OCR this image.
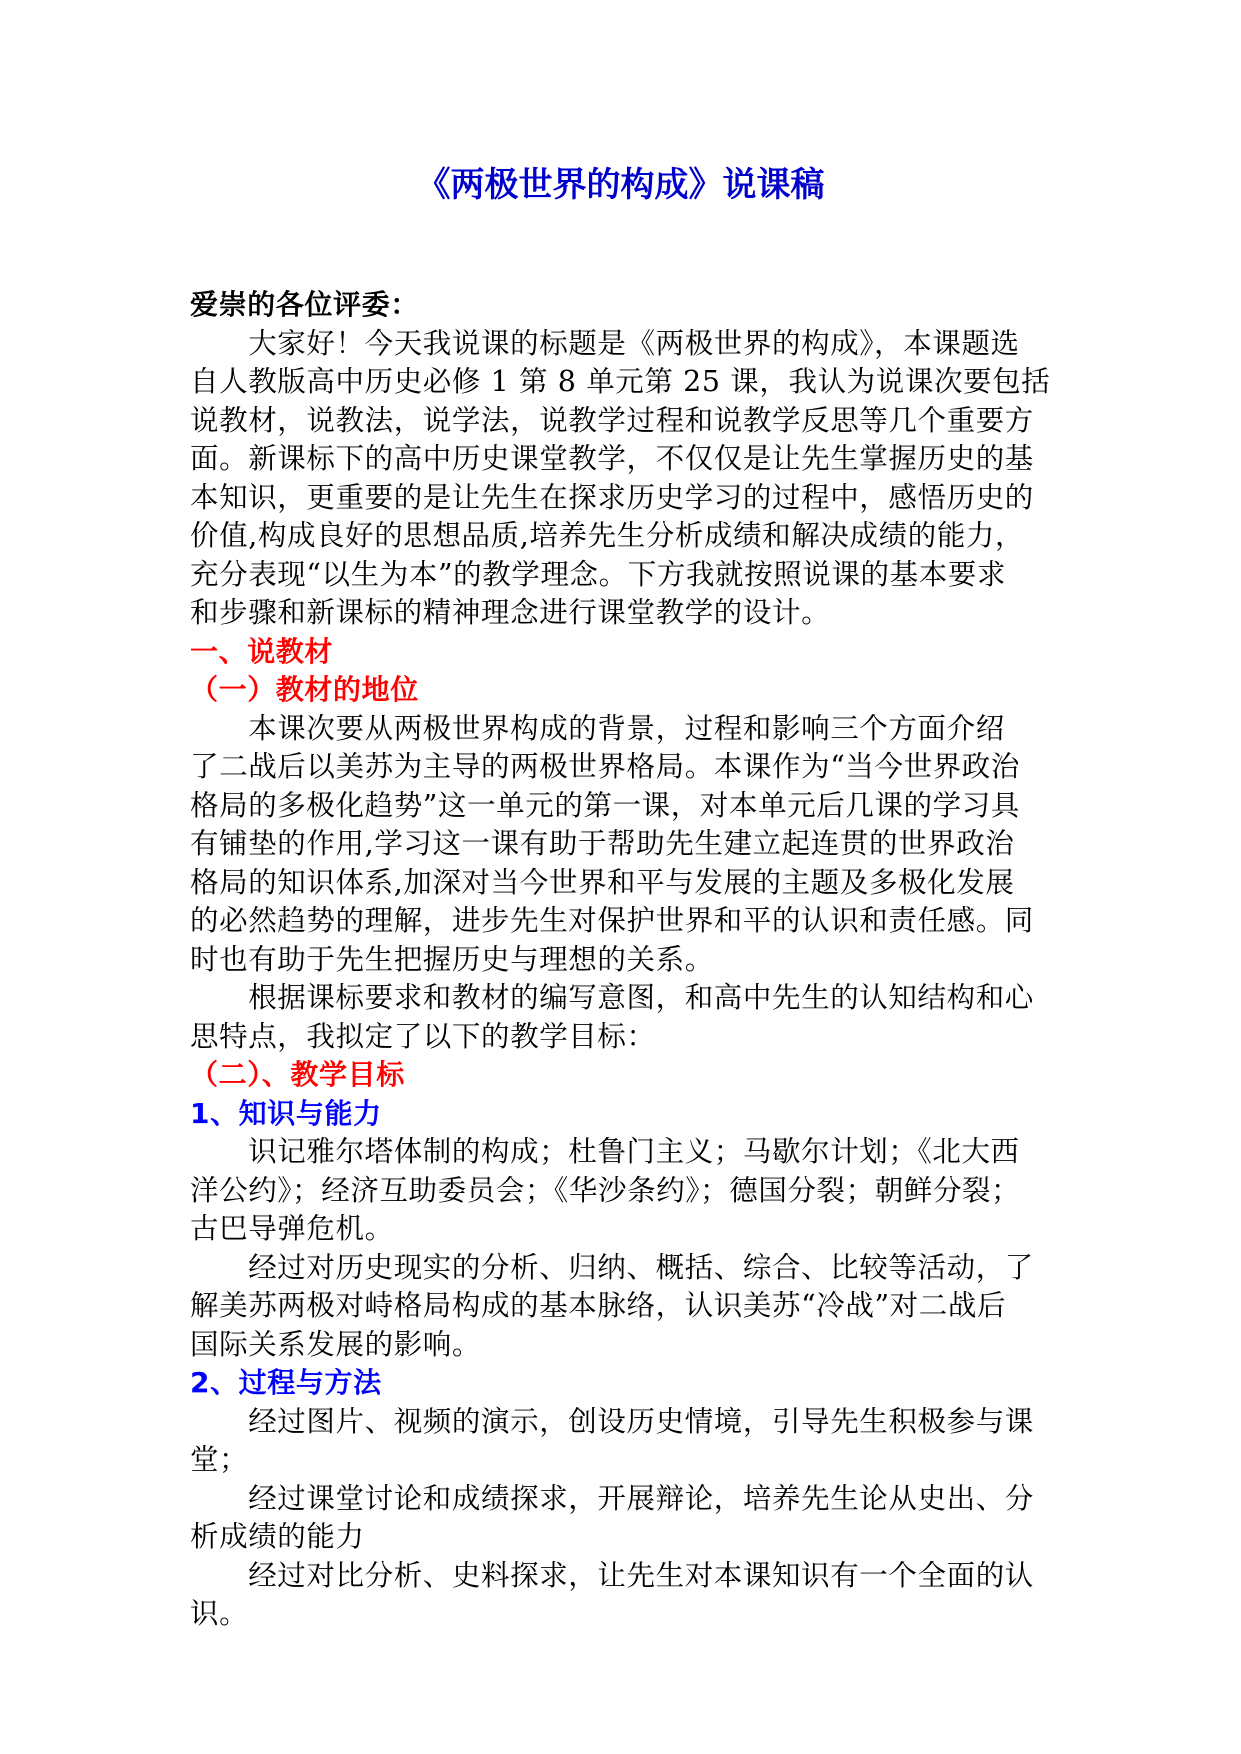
《两极世界的构成》说课稿
爱崇的各位评委：
　　大家好！今天我说课的标题是《两极世界的构成》，本课题选
自人教版高中历史必修 1 第 8 单元第 25 课，我认为说课次要包括
说教材，说教法，说学法，说教学过程和说教学反思等几个重要方
面。新课标下的高中历史课堂教学，不仅仅是让先生掌握历史的基
本知识，更重要的是让先生在探求历史学习的过程中，感悟历史的
价值,构成良好的思想品质,培养先生分析成绩和解决成绩的能力，
充分表现“以生为本”的教学理念。下方我就按照说课的基本要求
和步骤和新课标的精神理念进行课堂教学的设计。
一、说教材
（一）教材的地位
　　本课次要从两极世界构成的背景，过程和影响三个方面介绍
了二战后以美苏为主导的两极世界格局。本课作为“当今世界政治
格局的多极化趋势”这一单元的第一课，对本单元后几课的学习具
有铺垫的作用,学习这一课有助于帮助先生建立起连贯的世界政治
格局的知识体系,加深对当今世界和平与发展的主题及多极化发展
的必然趋势的理解，进步先生对保护世界和平的认识和责任感。同
时也有助于先生把握历史与理想的关系。
　　根据课标要求和教材的编写意图，和高中先生的认知结构和心
思特点，我拟定了以下的教学目标：
（二）、教学目标
1、知识与能力
　　识记雅尔塔体制的构成；杜鲁门主义；马歇尔计划；《北大西
洋公约》；经济互助委员会；《华沙条约》；德国分裂；朝鲜分裂；
古巴导弹危机。
　　经过对历史现实的分析、归纳、概括、综合、比较等活动，了
解美苏两极对峙格局构成的基本脉络，认识美苏“冷战”对二战后
国际关系发展的影响。
2、过程与方法
　　经过图片、视频的演示，创设历史情境，引导先生积极参与课
堂；
　　经过课堂讨论和成绩探求，开展辩论，培养先生论从史出、分
析成绩的能力
　　经过对比分析、史料探求，让先生对本课知识有一个全面的认
识。
